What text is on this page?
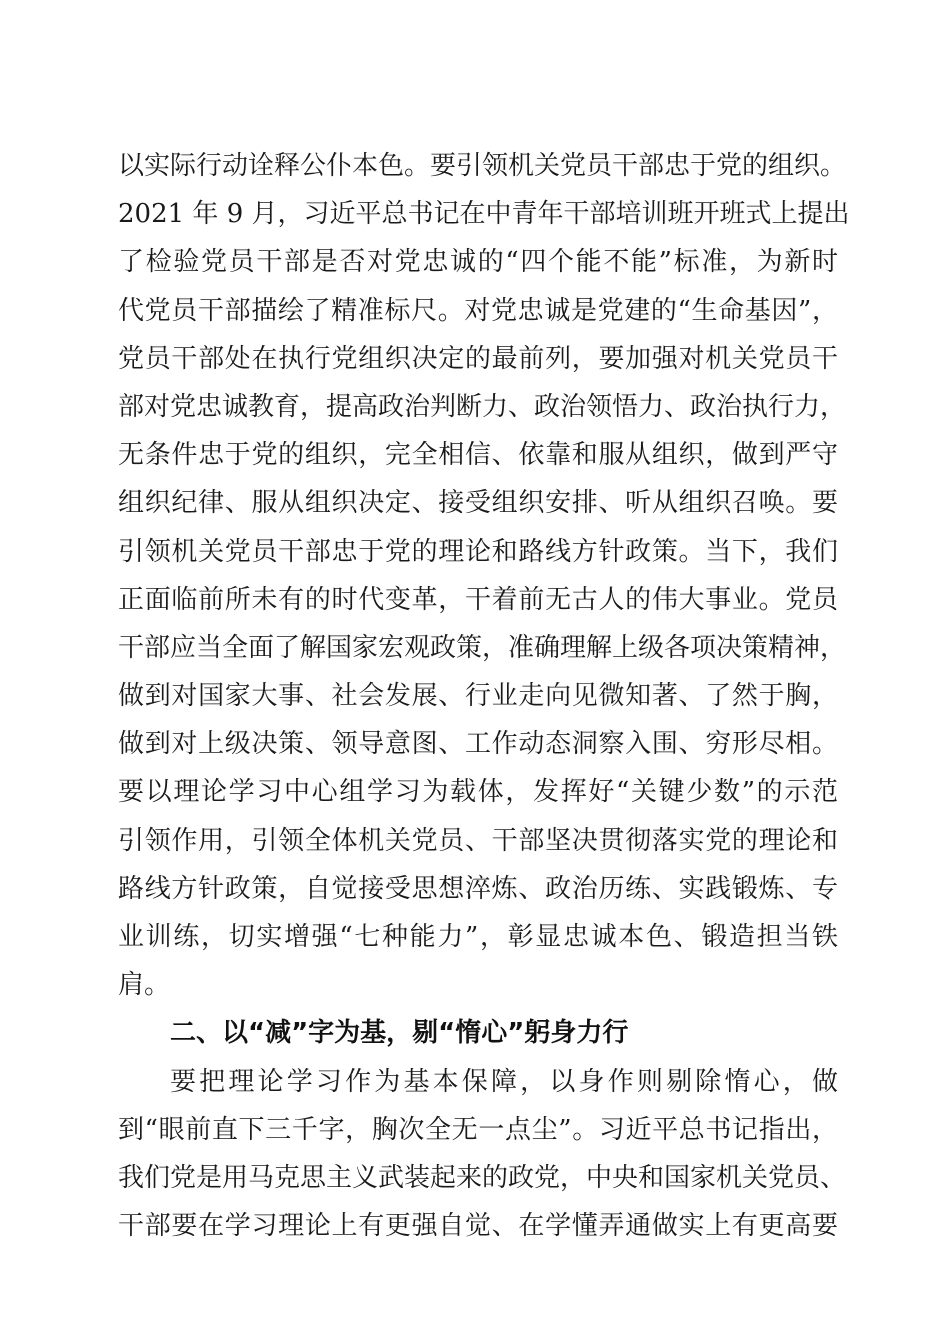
以实际行动诠释公仆本色。要引领机关党员干部忠于党的组织。
2021 年 9 月，习近平总书记在中青年干部培训班开班式上提出
了检验党员干部是否对党忠诚的“四个能不能”标准，为新时
代党员干部描绘了精准标尺。对党忠诚是党建的“生命基因”，
党员干部处在执行党组织决定的最前列，要加强对机关党员干
部对党忠诚教育，提高政治判断力、政治领悟力、政治执行力，
无条件忠于党的组织，完全相信、依靠和服从组织，做到严守
组织纪律、服从组织决定、接受组织安排、听从组织召唤。要
引领机关党员干部忠于党的理论和路线方针政策。当下，我们
正面临前所未有的时代变革，干着前无古人的伟大事业。党员
干部应当全面了解国家宏观政策，准确理解上级各项决策精神，
做到对国家大事、社会发展、行业走向见微知著、了然于胸，
做到对上级决策、领导意图、工作动态洞察入围、穷形尽相。
要以理论学习中心组学习为载体，发挥好“关键少数”的示范
引领作用，引领全体机关党员、干部坚决贯彻落实党的理论和
路线方针政策，自觉接受思想淬炼、政治历练、实践锻炼、专
业训练，切实增强“七种能力”，彰显忠诚本色、锻造担当铁
肩。
二、以“减”字为基，剔“惰心”躬身力行
要把理论学习作为基本保障，以身作则剔除惰心，做
到“眼前直下三千字，胸次全无一点尘”。习近平总书记指出，
我们党是用马克思主义武装起来的政党，中央和国家机关党员、
干部要在学习理论上有更强自觉、在学懂弄通做实上有更高要
